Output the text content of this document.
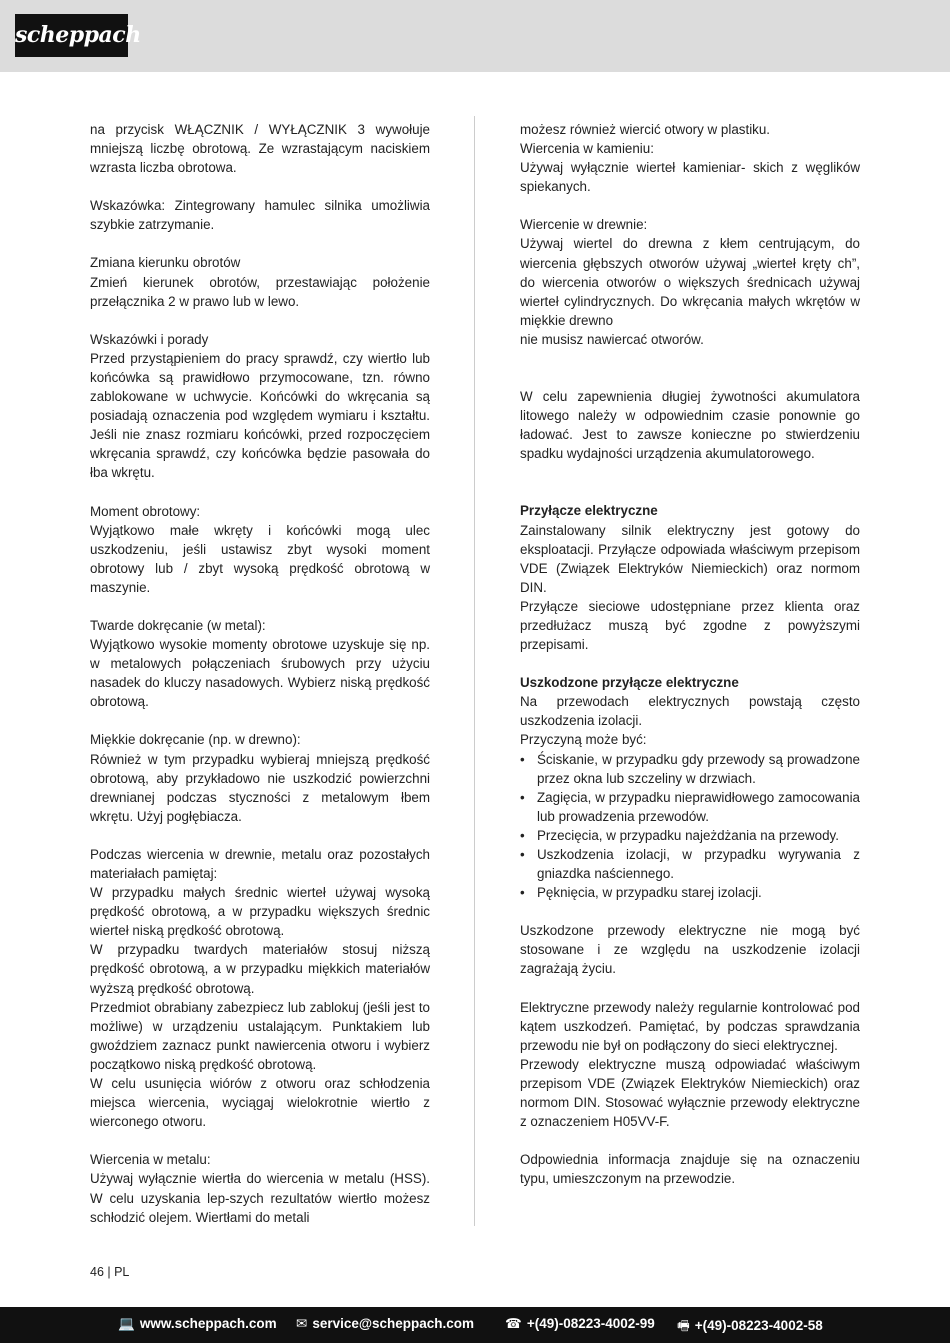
scheppach

na przycisk WŁĄCZNIK / WYŁĄCZNIK 3 wywołuje mniejszą liczbę obrotową. Ze wzrastającym naciskiem wzrasta liczba obrotowa.

Wskazówka: Zintegrowany hamulec silnika umożliwia szybkie zatrzymanie.

Zmiana kierunku obrotów

Zmień kierunek obrotów, przestawiając położenie przełącznika 2 w prawo lub w lewo.

Wskazówki i porady

Przed przystąpieniem do pracy sprawdź, czy wiertło lub końcówka są prawidłowo przymocowane, tzn. równo zablokowane w uchwycie. Końcówki do wkręcania są posiadają oznaczenia pod względem wymiaru i kształtu. Jeśli nie znasz rozmiaru końcówki, przed rozpoczęciem wkręcania sprawdź, czy końcówka będzie pasowała do łba wkrętu.

Moment obrotowy:

Wyjątkowo małe wkręty i końcówki mogą ulec uszkodzeniu, jeśli ustawisz zbyt wysoki moment obrotowy lub / zbyt wysoką prędkość obrotową w maszynie.

Twarde dokręcanie (w metal):

Wyjątkowo wysokie momenty obrotowe uzyskuje się np. w metalowych połączeniach śrubowych przy użyciu nasadek do kluczy nasadowych. Wybierz niską prędkość obrotową.

Miękkie dokręcanie (np. w drewno):

Również w tym przypadku wybieraj mniejszą prędkość obrotową, aby przykładowo nie uszkodzić powierzchni drewnianej podczas styczności z metalowym łbem wkrętu. Użyj pogłębiacza.

Podczas wiercenia w drewnie, metalu oraz pozostałych materiałach pamiętaj:

W przypadku małych średnic wierteł używaj wysoką prędkość obrotową, a w przypadku większych średnic wierteł niską prędkość obrotową.

W przypadku twardych materiałów stosuj niższą prędkość obrotową, a w przypadku miękkich materiałów wyższą prędkość obrotową.

Przedmiot obrabiany zabezpiecz lub zablokuj (jeśli jest to możliwe) w urządzeniu ustalającym. Punktakiem lub gwoździem zaznacz punkt nawiercenia otworu i wybierz początkowo niską prędkość obrotową.

W celu usunięcia wiórów z otworu oraz schłodzenia miejsca wiercenia, wyciągaj wielokrotnie wiertło z wierconego otworu.

Wiercenia w metalu:

Używaj wyłącznie wiertła do wiercenia w metalu (HSS). W celu uzyskania lep-szych rezultatów wiertło możesz schłodzić olejem. Wiertłami do metali

możesz również wiercić otwory w plastiku.

Wiercenia w kamieniu:

Używaj wyłącznie wierteł kamieniar- skich z węglików spiekanych.

Wiercenie w drewnie:

Używaj wiertel do drewna z kłem centrującym, do wiercenia głębszych otworów używaj „wierteł kręty ch”, do wiercenia otworów o większych średnicach używaj wierteł cylindrycznych. Do wkręcania małych wkrętów w miękkie drewno

nie musisz nawiercać otworów.

W celu zapewnienia długiej żywotności akumulatora litowego należy w odpowiednim czasie ponownie go ładować. Jest to zawsze konieczne po stwierdzeniu spadku wydajności urządzenia akumulatorowego.

Przyłącze elektryczne

Zainstalowany silnik elektryczny jest gotowy do eksploatacji. Przyłącze odpowiada właściwym przepisom VDE (Związek Elektryków Niemieckich) oraz normom DIN.

Przyłącze sieciowe udostępniane przez klienta oraz przedłużacz muszą być zgodne z powyższymi przepisami.

Uszkodzone przyłącze elektryczne

Na przewodach elektrycznych powstają często uszkodzenia izolacji.

Przyczyną może być:

• Ściskanie, w przypadku gdy przewody są prowadzone przez okna lub szczeliny w drzwiach.
• Zagięcia, w przypadku nieprawidłowego zamocowania lub prowadzenia przewodów.
• Przecięcia, w przypadku najeżdżania na przewody.
• Uszkodzenia izolacji, w przypadku wyrywania z gniazdka naściennego.
• Pęknięcia, w przypadku starej izolacji.

Uszkodzone przewody elektryczne nie mogą być stosowane i ze względu na uszkodzenie izolacji zagrażają życiu.

Elektryczne przewody należy regularnie kontrolować pod kątem uszkodzeń. Pamiętać, by podczas sprawdzania przewodu nie był on podłączony do sieci elektrycznej.

Przewody elektryczne muszą odpowiadać właściwym przepisom VDE (Związek Elektryków Niemieckich) oraz normom DIN. Stosować wyłącznie przewody elektryczne z oznaczeniem H05VV-F.

Odpowiednia informacja znajduje się na oznaczeniu typu, umieszczonym na przewodzie.

46 | PL
💻 www.scheppach.com ✉ service@scheppach.com ☎ +(49)-08223-4002-99 🖷 +(49)-08223-4002-58
